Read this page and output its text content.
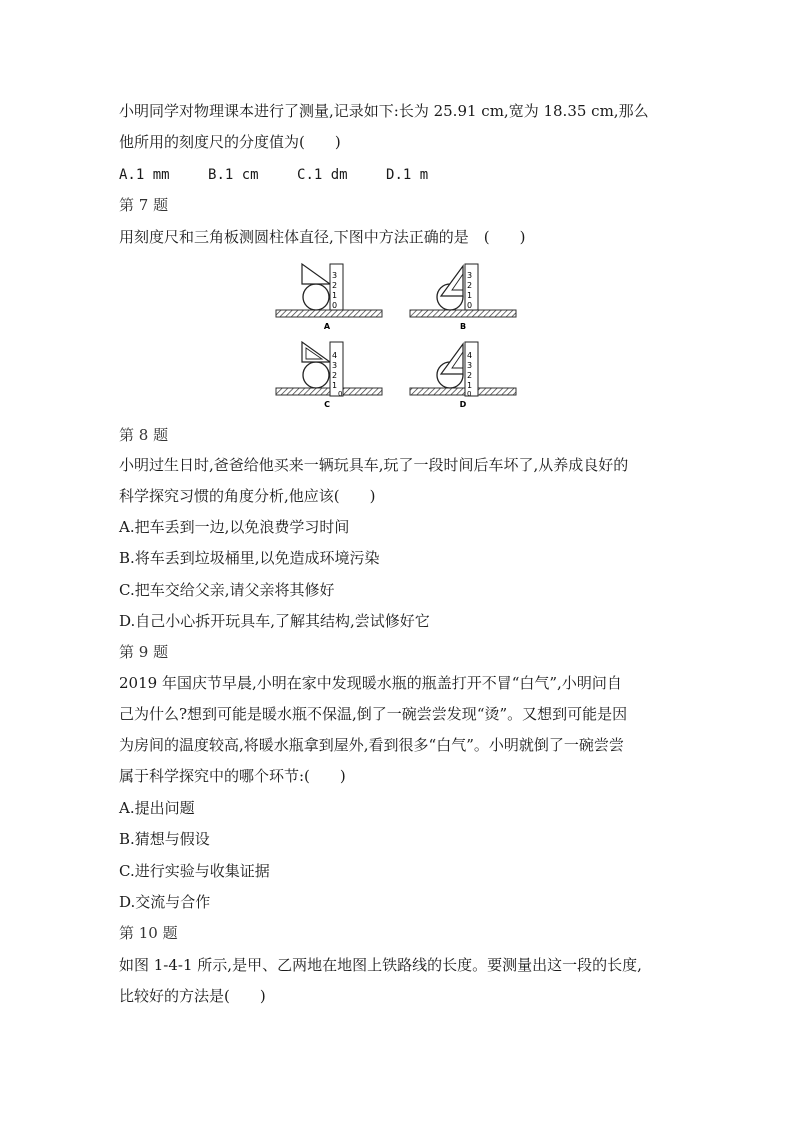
小明同学对物理课本进行了测量,记录如下:长为 25.91 cm,宽为 18.35 cm,那么
他所用的刻度尺的分度值为(　　)
A.1 mm	B.1 cm	C.1 dm	D.1 m
第 7 题
用刻度尺和三角板测圆柱体直径,下图中方法正确的是　(　　)
3
2
1
0
A
3
2
1
0
B
4
3
2
1
0
C
4
3
2
1
0
D
第 8 题
小明过生日时,爸爸给他买来一辆玩具车,玩了一段时间后车坏了,从养成良好的
科学探究习惯的角度分析,他应该(　　)
A.把车丢到一边,以免浪费学习时间
B.将车丢到垃圾桶里,以免造成环境污染
C.把车交给父亲,请父亲将其修好
D.自己小心拆开玩具车,了解其结构,尝试修好它
第 9 题
2019 年国庆节早晨,小明在家中发现暖水瓶的瓶盖打开不冒“白气”,小明问自
己为什么?想到可能是暖水瓶不保温,倒了一碗尝尝发现“烫”。又想到可能是因
为房间的温度较高,将暖水瓶拿到屋外,看到很多“白气”。小明就倒了一碗尝尝
属于科学探究中的哪个环节:(　　)
A.提出问题
B.猜想与假设
C.进行实验与收集证据
D.交流与合作
第 10 题
如图 1-4-1 所示,是甲、乙两地在地图上铁路线的长度。要测量出这一段的长度,
比较好的方法是(　　)
